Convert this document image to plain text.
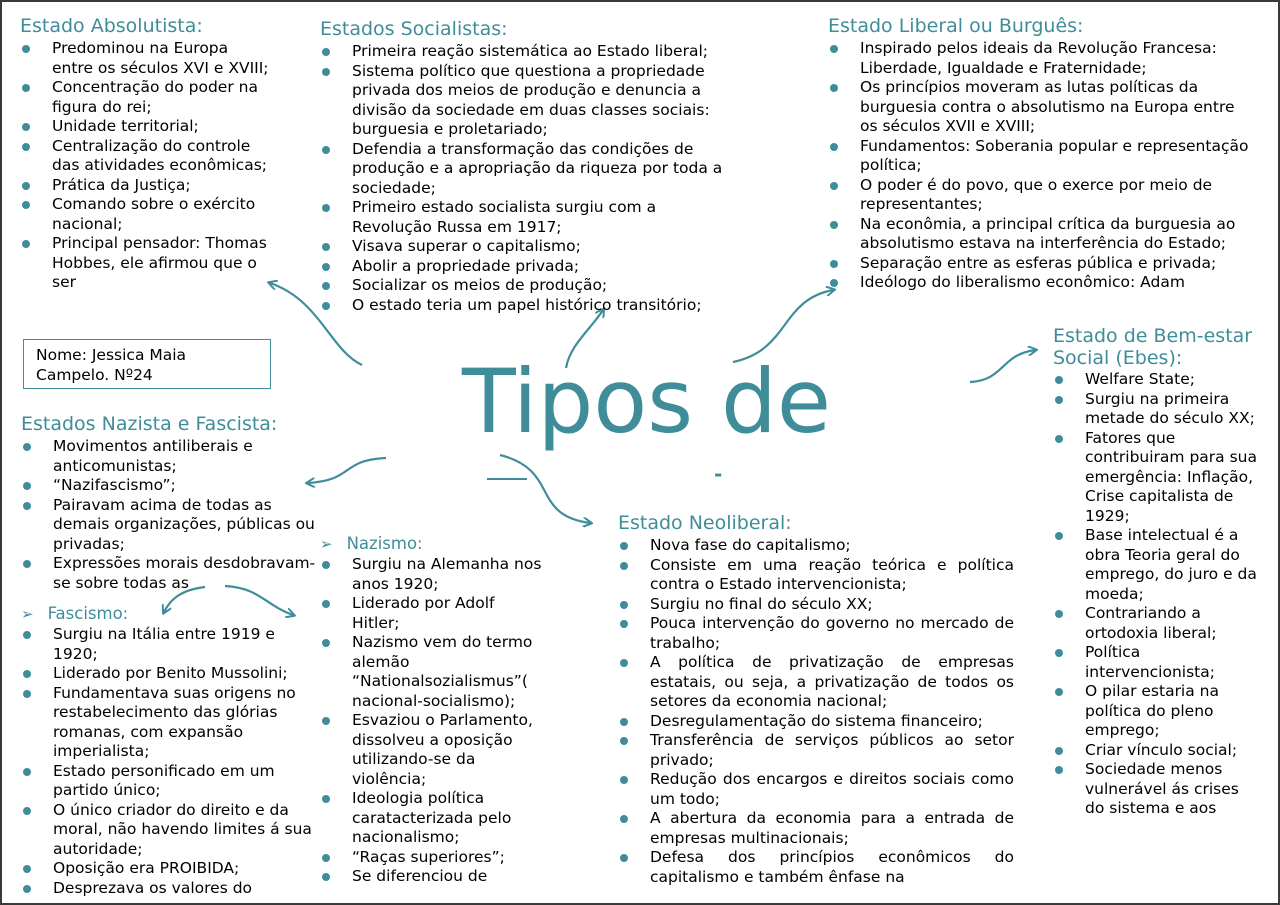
Tipos de
-
Nome: Jessica Maia
Campelo. Nº24
Estado Absolutista:
Predominou na Europa entre os séculos XVI e XVIII;
Concentração do poder na figura do rei;
Unidade territorial;
Centralização do controle das atividades econômicas;
Prática da Justiça;
Comando sobre o exército nacional;
Principal pensador: Thomas Hobbes, ele afirmou que o ser
Estados Socialistas:
Primeira reação sistemática ao Estado liberal;
Sistema político que questiona a propriedade privada dos meios de produção e denuncia a divisão da sociedade em duas classes sociais: burguesia e proletariado;
Defendia a transformação das condições de produção e a apropriação da riqueza por toda a sociedade;
Primeiro estado socialista surgiu com a Revolução Russa em 1917;
Visava superar o capitalismo;
Abolir a propriedade privada;
Socializar os meios de produção;
O estado teria um papel histórico transitório;
Estado Liberal ou Burguês:
Inspirado pelos ideais da Revolução Francesa: Liberdade, Igualdade e Fraternidade;
Os princípios moveram as lutas políticas da burguesia contra o absolutismo na Europa entre os séculos XVII e XVIII;
Fundamentos: Soberania popular e representação política;
O poder é do povo, que o exerce por meio de representantes;
Na econômia, a principal crítica da burguesia ao absolutismo estava na interferência do Estado;
Separação entre as esferas pública e privada;
Ideólogo do liberalismo econômico: Adam
Estado de Bem-estar Social (Ebes):
Welfare State;
Surgiu na primeira metade do século XX;
Fatores que contribuiram para sua emergência: Inflação, Crise capitalista de 1929;
Base intelectual é a obra Teoria geral do emprego, do juro e da moeda;
Contrariando a ortodoxia liberal;
Política intervencionista;
O pilar estaria na política do pleno emprego;
Criar vínculo social;
Sociedade menos vulnerável ás crises do sistema e aos
Estados Nazista e Fascista:
Movimentos antiliberais e anticomunistas;
“Nazifascismo”;
Pairavam acima de todas as demais organizações, públicas ou privadas;
Expressões morais desdobravam-se sobre todas as
➢ Fascismo:
Surgiu na Itália entre 1919 e 1920;
Liderado por Benito Mussolini;
Fundamentava suas origens no restabelecimento das glórias romanas, com expansão imperialista;
Estado personificado em um partido único;
O único criador do direito e da moral, não havendo limites á sua autoridade;
Oposição era PROIBIDA;
Desprezava os valores do
➢ Nazismo:
Surgiu na Alemanha nos anos 1920;
Liderado por Adolf Hitler;
Nazismo vem do termo alemão “Nationalsozialismus”( nacional-socialismo);
Esvaziou o Parlamento, dissolveu a oposição utilizando-se da violência;
Ideologia política caratacterizada pelo nacionalismo;
“Raças superiores”;
Se diferenciou de
Estado Neoliberal:
Nova fase do capitalismo;
Consiste em uma reação teórica e política contra o Estado intervencionista;
Surgiu no final do século XX;
Pouca intervenção do governo no mercado de trabalho;
A política de privatização de empresas estatais, ou seja, a privatização de todos os setores da economia nacional;
Desregulamentação do sistema financeiro;
Transferência de serviços públicos ao setor privado;
Redução dos encargos e direitos sociais como um todo;
A abertura da economia para a entrada de empresas multinacionais;
Defesa dos princípios econômicos do capitalismo e também ênfase na
